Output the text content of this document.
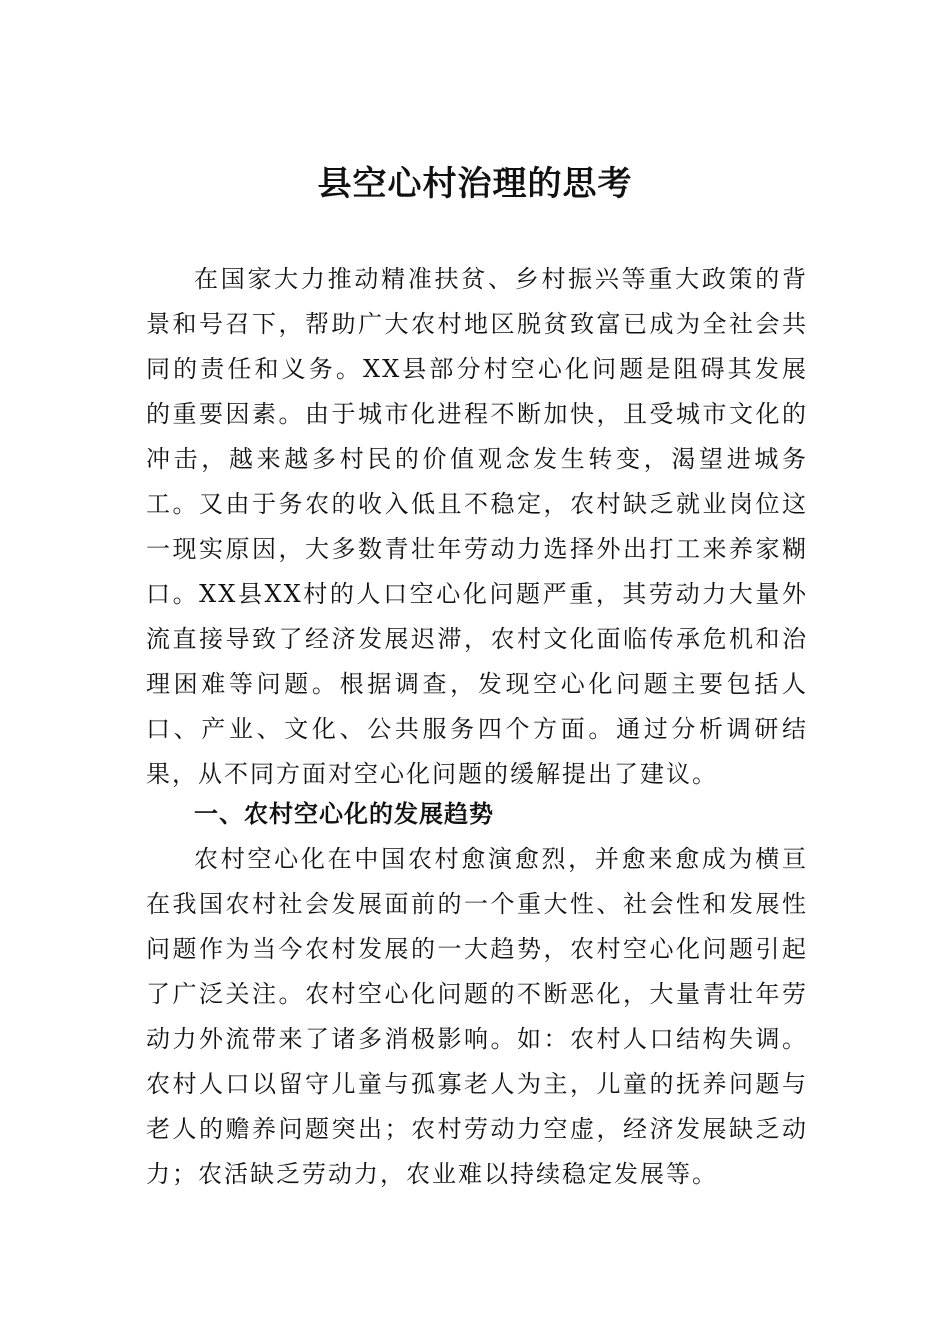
县空心村治理的思考

在国家大力推动精准扶贫、乡村振兴等重大政策的背景和号召下，帮助广大农村地区脱贫致富已成为全社会共同的责任和义务。XX县部分村空心化问题是阻碍其发展的重要因素。由于城市化进程不断加快，且受城市文化的冲击，越来越多村民的价值观念发生转变，渴望进城务工。又由于务农的收入低且不稳定，农村缺乏就业岗位这一现实原因，大多数青壮年劳动力选择外出打工来养家糊口。XX县XX村的人口空心化问题严重，其劳动力大量外流直接导致了经济发展迟滞，农村文化面临传承危机和治理困难等问题。根据调查，发现空心化问题主要包括人口、产业、文化、公共服务四个方面。通过分析调研结果，从不同方面对空心化问题的缓解提出了建议。

一、农村空心化的发展趋势

农村空心化在中国农村愈演愈烈，并愈来愈成为横亘在我国农村社会发展面前的一个重大性、社会性和发展性问题作为当今农村发展的一大趋势，农村空心化问题引起了广泛关注。农村空心化问题的不断恶化，大量青壮年劳动力外流带来了诸多消极影响。如：农村人口结构失调。农村人口以留守儿童与孤寡老人为主，儿童的抚养问题与老人的赡养问题突出；农村劳动力空虚，经济发展缺乏动力；农活缺乏劳动力，农业难以持续稳定发展等。
